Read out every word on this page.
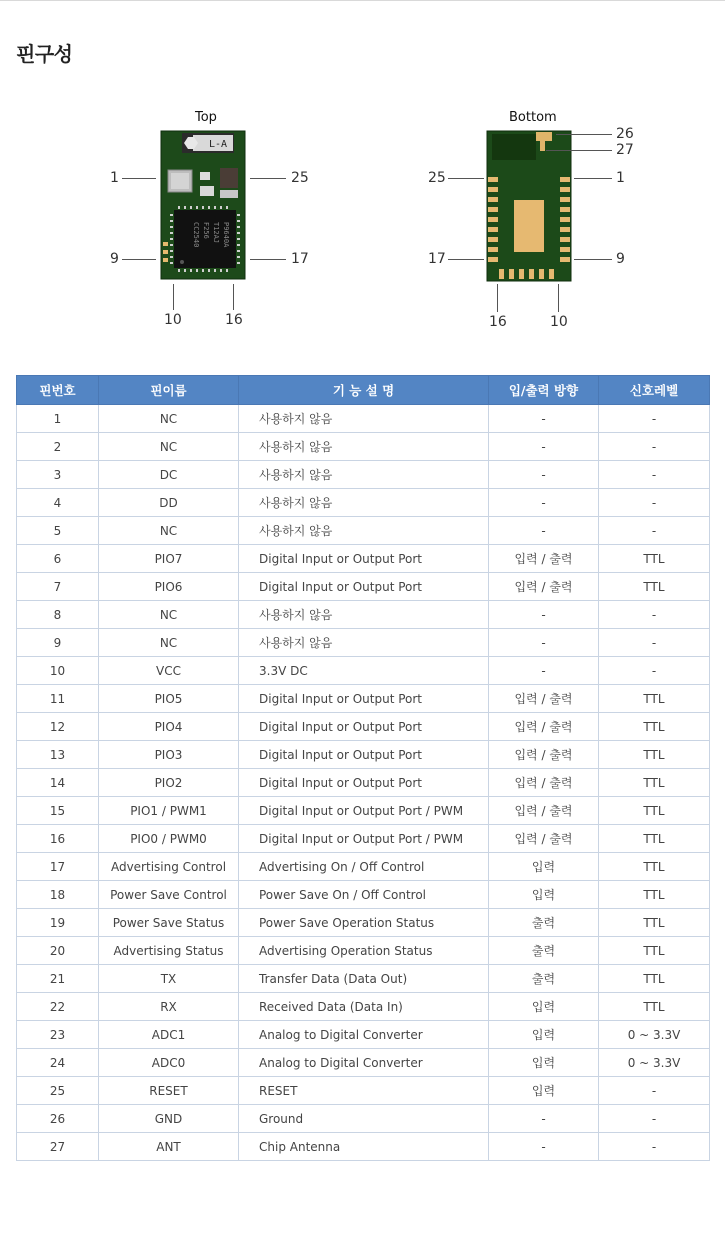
핀구성
Top
L-A
CC2540 F256 T12AJ P9640A
1
9
25
17
10	16
Bottom
26
27
25	1
17	9
16	10
핀번호	핀이름	기 능 설 명	입/출력 방향	신호레벨
1	NC	사용하지 않음	-	-
2	NC	사용하지 않음	-	-
3	DC	사용하지 않음	-	-
4	DD	사용하지 않음	-	-
5	NC	사용하지 않음	-	-
6	PIO7	Digital Input or Output Port	입력 / 출력	TTL
7	PIO6	Digital Input or Output Port	입력 / 출력	TTL
8	NC	사용하지 않음	-	-
9	NC	사용하지 않음	-	-
10	VCC	3.3V DC	-	-
11	PIO5	Digital Input or Output Port	입력 / 출력	TTL
12	PIO4	Digital Input or Output Port	입력 / 출력	TTL
13	PIO3	Digital Input or Output Port	입력 / 출력	TTL
14	PIO2	Digital Input or Output Port	입력 / 출력	TTL
15	PIO1 / PWM1	Digital Input or Output Port / PWM	입력 / 출력	TTL
16	PIO0 / PWM0	Digital Input or Output Port / PWM	입력 / 출력	TTL
17	Advertising Control	Advertising On / Off Control	입력	TTL
18	Power Save Control	Power Save On / Off Control	입력	TTL
19	Power Save Status	Power Save Operation Status	출력	TTL
20	Advertising Status	Advertising Operation Status	출력	TTL
21	TX	Transfer Data (Data Out)	출력	TTL
22	RX	Received Data (Data In)	입력	TTL
23	ADC1	Analog to Digital Converter	입력	0 ~ 3.3V
24	ADC0	Analog to Digital Converter	입력	0 ~ 3.3V
25	RESET	RESET	입력	-
26	GND	Ground	-	-
27	ANT	Chip Antenna	-	-
